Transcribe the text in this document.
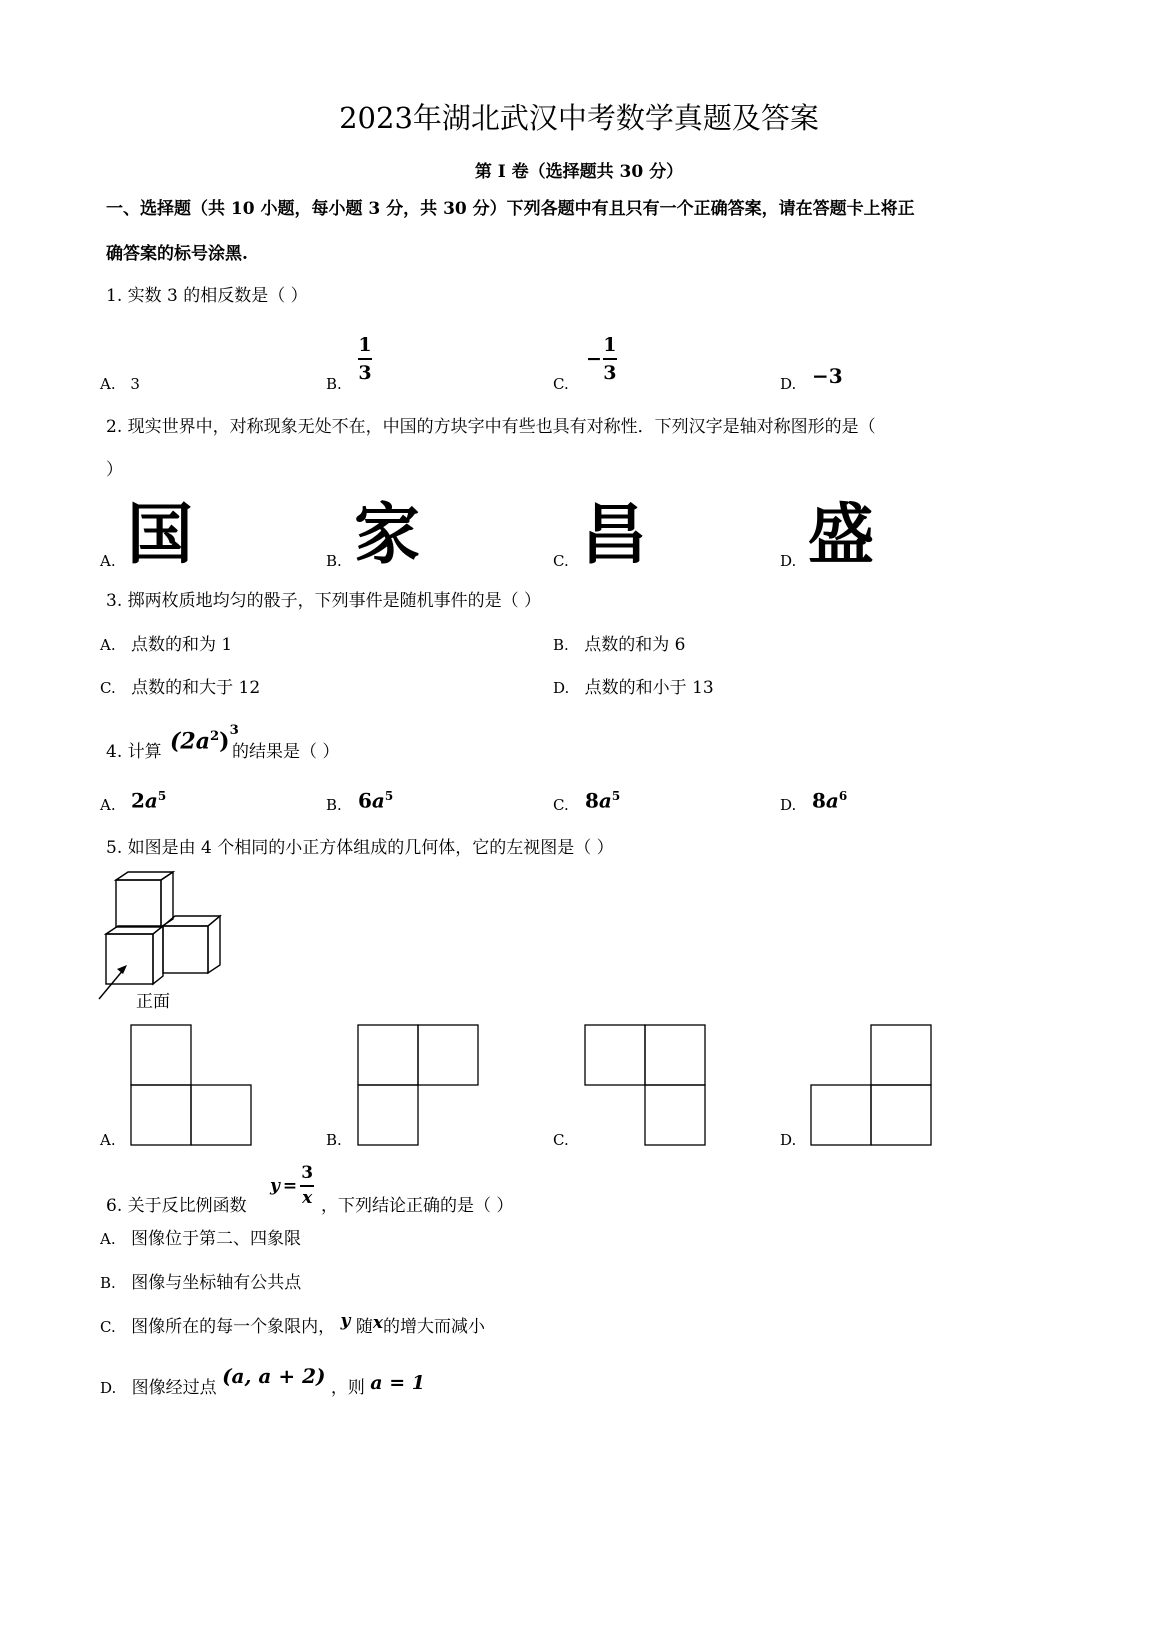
2023年湖北武汉中考数学真题及答案
第 I 卷（选择题共 30 分）
一、选择题（共 10 小题，每小题 3 分，共 30 分）下列各题中有且只有一个正确答案，请在答题卡上将正
确答案的标号涂黑.
1. 实数 3 的相反数是（ ）
A. 3	B. $\frac{1}{3}$	C.
− $\frac{1}{3}$	D. −3
2. 现实世界中，对称现象无处不在，中国的方块字中有些也具有对称性．下列汉字是轴对称图形的是（
）
A. 国	B. 家	C. 昌	D. 盛
3. 掷两枚质地均匀的骰子，下列事件是随机事件的是（ ）
A. 点数的和为 1	B. 点数的和为 6
C. 点数的和大于 12	D. 点数的和小于 13
4. 计算 $(2a^2)^3$
的结果是（ ）
A. $2a^5$	B. $6a^5$	C. $8a^5$	D. $8a^6$
5. 如图是由 4 个相同的小正方体组成的几何体，它的左视图是（ ）
正面
A.	B.	C.	D.
6. 关于反比例函数
$y = \frac{3}{x}$ ，下列结论正确的是（ ）
A. 图像位于第二、四象限
B. 图像与坐标轴有公共点
C. 图像所在的每一个象限内， y 随x的增大而减小
D. 图像经过点 (a, a + 2) ，则 a = 1
